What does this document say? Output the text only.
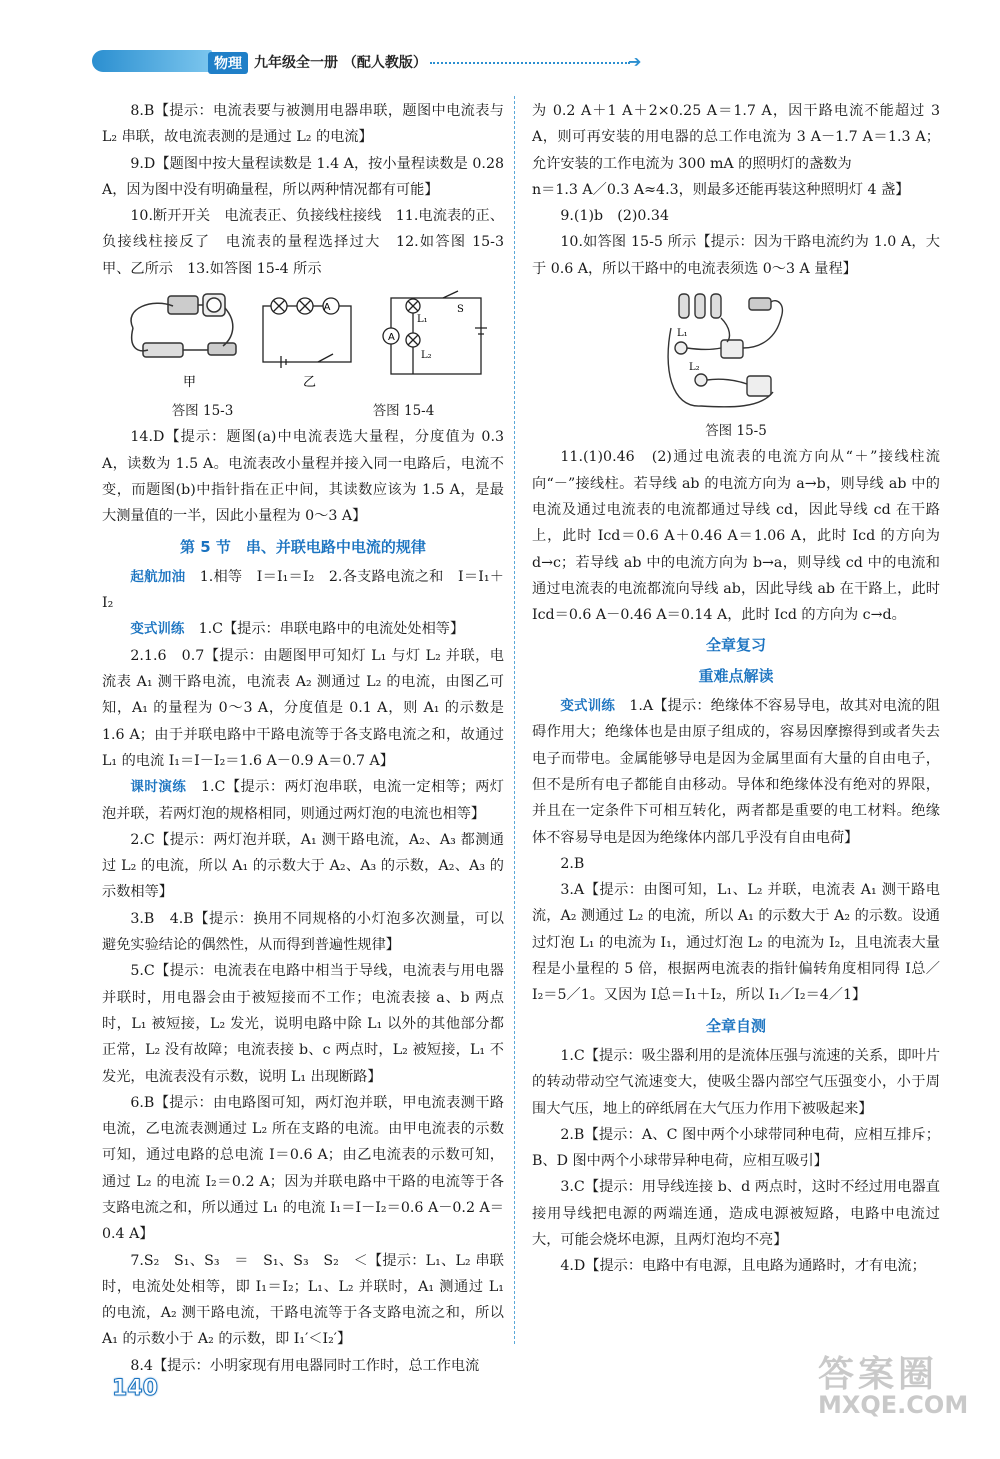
物理 九年级全一册 （配人教版）	➔

8.B【提示：电流表要与被测用电器串联，题图中电流表与 L₂ 串联，故电流表测的是通过 L₂ 的电流】

9.D【题图中按大量程读数是 1.4 A，按小量程读数是 0.28 A，因为图中没有明确量程，所以两种情况都有可能】

10.断开开关　电流表正、负接线柱接线　11.电流表的正、负接线柱接反了　电流表的量程选择过大　12.如答图 15-3 甲、乙所示　13.如答图 15-4 所示

甲
A
乙
A
L₁
L₂
S
答图 15-3	答图 15-4

14.D【提示：题图(a)中电流表选大量程，分度值为 0.3 A，读数为 1.5 A。电流表改小量程并接入同一电路后，电流不变，而题图(b)中指针指在正中间，其读数应该为 1.5 A，是最大测量值的一半，因此小量程为 0～3 A】

第 5 节　串、并联电路中电流的规律

起航加油　 1.相等　I＝I₁＝I₂　2.各支路电流之和　I＝I₁＋I₂

变式训练　 1.C【提示：串联电路中的电流处处相等】

2.1.6　0.7【提示：由题图甲可知灯 L₁ 与灯 L₂ 并联，电流表 A₁ 测干路电流，电流表 A₂ 测通过 L₂ 的电流，由图乙可知，A₁ 的量程为 0～3 A，分度值是 0.1 A，则 A₁ 的示数是 1.6 A；由于并联电路中干路电流等于各支路电流之和，故通过 L₁ 的电流 I₁＝I－I₂＝1.6 A－0.9 A＝0.7 A】

课时演练　 1.C【提示：两灯泡串联，电流一定相等；两灯泡并联，若两灯泡的规格相同，则通过两灯泡的电流也相等】

2.C【提示：两灯泡并联，A₁ 测干路电流，A₂、A₃ 都测通过 L₂ 的电流，所以 A₁ 的示数大于 A₂、A₃ 的示数，A₂、A₃ 的示数相等】

3.B　4.B【提示：换用不同规格的小灯泡多次测量，可以避免实验结论的偶然性，从而得到普遍性规律】

5.C【提示：电流表在电路中相当于导线，电流表与用电器并联时，用电器会由于被短接而不工作；电流表接 a、b 两点时，L₁ 被短接，L₂ 发光，说明电路中除 L₁ 以外的其他部分都正常，L₂ 没有故障；电流表接 b、c 两点时，L₂ 被短接，L₁ 不发光，电流表没有示数，说明 L₁ 出现断路】

6.B【提示：由电路图可知，两灯泡并联，甲电流表测干路电流，乙电流表测通过 L₂ 所在支路的电流。由甲电流表的示数可知，通过电路的总电流 I＝0.6 A；由乙电流表的示数可知，通过 L₂ 的电流 I₂＝0.2 A；因为并联电路中干路的电流等于各支路电流之和，所以通过 L₁ 的电流 I₁＝I－I₂＝0.6 A－0.2 A＝0.4 A】

7.S₂　S₁、S₃　＝　S₁、S₃　S₂　＜【提示：L₁、L₂ 串联时，电流处处相等，即 I₁＝I₂；L₁、L₂ 并联时，A₁ 测通过 L₁ 的电流，A₂ 测干路电流，干路电流等于各支路电流之和，所以 A₁ 的示数小于 A₂ 的示数，即 I₁′＜I₂′】

8.4【提示：小明家现有用电器同时工作时，总工作电流

为 0.2 A＋1 A＋2×0.25 A＝1.7 A，因干路电流不能超过 3 A，则可再安装的用电器的总工作电流为 3 A－1.7 A＝1.3 A；允许安装的工作电流为 300 mA 的照明灯的盏数为

n＝1.3 A／0.3 A≈4.3，则最多还能再装这种照明灯 4 盏】

9.(1)b　(2)0.34

10.如答图 15-5 所示【提示：因为干路电流约为 1.0 A，大于 0.6 A，所以干路中的电流表须选 0～3 A 量程】

L₁
L₂
答图 15-5

11.(1)0.46　(2)通过电流表的电流方向从“＋”接线柱流向“－”接线柱。若导线 ab 的电流方向为 a→b，则导线 ab 中的电流及通过电流表的电流都通过导线 cd，因此导线 cd 在干路上，此时 Icd＝0.6 A＋0.46 A＝1.06 A，此时 Icd 的方向为 d→c；若导线 ab 中的电流方向为 b→a，则导线 cd 中的电流和通过电流表的电流都流向导线 ab，因此导线 ab 在干路上，此时 Icd＝0.6 A－0.46 A＝0.14 A，此时 Icd 的方向为 c→d。

全章复习
重难点解读

变式训练　 1.A【提示：绝缘体不容易导电，故其对电流的阻碍作用大；绝缘体也是由原子组成的，容易因摩擦得到或者失去电子而带电。金属能够导电是因为金属里面有大量的自由电子，但不是所有电子都能自由移动。导体和绝缘体没有绝对的界限，并且在一定条件下可相互转化，两者都是重要的电工材料。绝缘体不容易导电是因为绝缘体内部几乎没有自由电荷】

2.B

3.A【提示：由图可知，L₁、L₂ 并联，电流表 A₁ 测干路电流，A₂ 测通过 L₂ 的电流，所以 A₁ 的示数大于 A₂ 的示数。设通过灯泡 L₁ 的电流为 I₁，通过灯泡 L₂ 的电流为 I₂，且电流表大量程是小量程的 5 倍，根据两电流表的指针偏转角度相同得 I总／I₂＝5／1。又因为 I总＝I₁＋I₂，所以 I₁／I₂＝4／1】

全章自测

1.C【提示：吸尘器利用的是流体压强与流速的关系，即叶片的转动带动空气流速变大，使吸尘器内部空气压强变小，小于周围大气压，地上的碎纸屑在大气压力作用下被吸起来】

2.B【提示：A、C 图中两个小球带同种电荷，应相互排斥；B、D 图中两个小球带异种电荷，应相互吸引】

3.C【提示：用导线连接 b、d 两点时，这时不经过用电器直接用导线把电源的两端连通，造成电源被短路，电路中电流过大，可能会烧坏电源，且两灯泡均不亮】

4.D【提示：电路中有电源，且电路为通路时，才有电流；

140	答案圈
MXQE.COM
